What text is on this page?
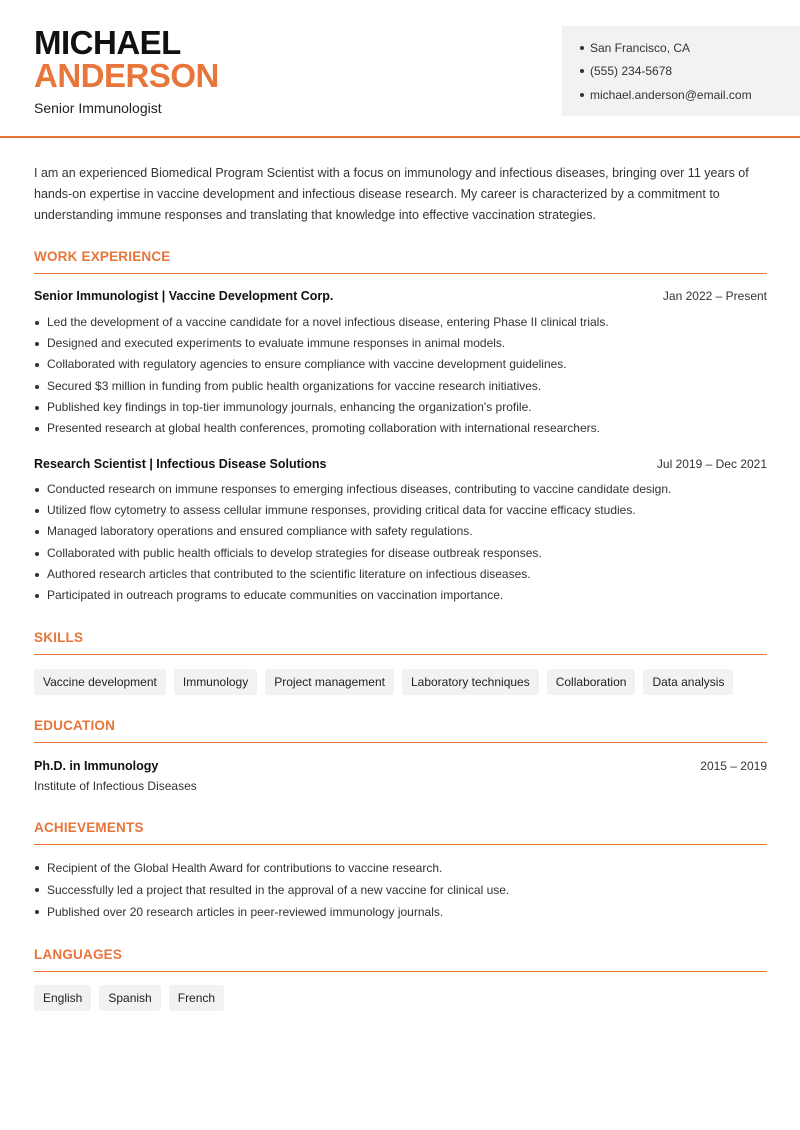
MICHAEL
ANDERSON
Senior Immunologist
San Francisco, CA
(555) 234-5678
michael.anderson@email.com
I am an experienced Biomedical Program Scientist with a focus on immunology and infectious diseases, bringing over 11 years of hands-on expertise in vaccine development and infectious disease research. My career is characterized by a commitment to understanding immune responses and translating that knowledge into effective vaccination strategies.
WORK EXPERIENCE
Senior Immunologist | Vaccine Development Corp.	Jan 2022 – Present
Led the development of a vaccine candidate for a novel infectious disease, entering Phase II clinical trials.
Designed and executed experiments to evaluate immune responses in animal models.
Collaborated with regulatory agencies to ensure compliance with vaccine development guidelines.
Secured $3 million in funding from public health organizations for vaccine research initiatives.
Published key findings in top-tier immunology journals, enhancing the organization's profile.
Presented research at global health conferences, promoting collaboration with international researchers.
Research Scientist | Infectious Disease Solutions	Jul 2019 – Dec 2021
Conducted research on immune responses to emerging infectious diseases, contributing to vaccine candidate design.
Utilized flow cytometry to assess cellular immune responses, providing critical data for vaccine efficacy studies.
Managed laboratory operations and ensured compliance with safety regulations.
Collaborated with public health officials to develop strategies for disease outbreak responses.
Authored research articles that contributed to the scientific literature on infectious diseases.
Participated in outreach programs to educate communities on vaccination importance.
SKILLS
Vaccine development	Immunology	Project management	Laboratory techniques	Collaboration	Data analysis
EDUCATION
Ph.D. in Immunology	2015 – 2019
Institute of Infectious Diseases
ACHIEVEMENTS
Recipient of the Global Health Award for contributions to vaccine research.
Successfully led a project that resulted in the approval of a new vaccine for clinical use.
Published over 20 research articles in peer-reviewed immunology journals.
LANGUAGES
English	Spanish	French
